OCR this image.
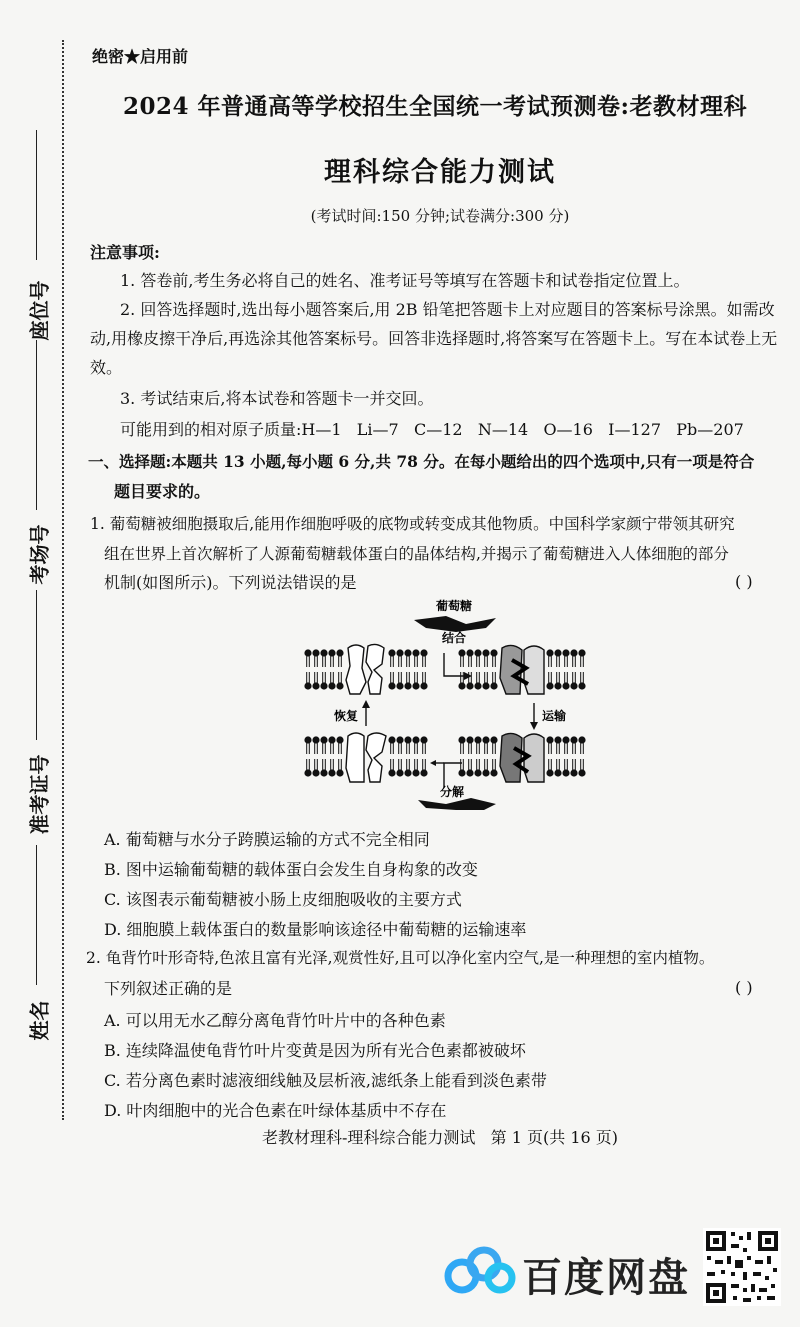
座位号
考场号
准考证号
姓名
绝密★启用前
2024 年普通高等学校招生全国统一考试预测卷:老教材理科
理科综合能力测试
(考试时间:150 分钟;试卷满分:300 分)
注意事项:
1. 答卷前,考生务必将自己的姓名、准考证号等填写在答题卡和试卷指定位置上。
2. 回答选择题时,选出每小题答案后,用 2B 铅笔把答题卡上对应题目的答案标号涂黑。如需改动,用橡皮擦干净后,再选涂其他答案标号。回答非选择题时,将答案写在答题卡上。写在本试卷上无效。
3. 考试结束后,将本试卷和答题卡一并交回。
可能用到的相对原子质量:H—1   Li—7   C—12   N—14   O—16   I—127   Pb—207
一、选择题:本题共 13 小题,每小题 6 分,共 78 分。在每小题给出的四个选项中,只有一项是符合
题目要求的。
1. 葡萄糖被细胞摄取后,能用作细胞呼吸的底物或转变成其他物质。中国科学家颜宁带领其研究
组在世界上首次解析了人源葡萄糖载体蛋白的晶体结构,并揭示了葡萄糖进入人体细胞的部分
机制(如图所示)。下列说法错误的是	( )
葡萄糖
结合
运输
分解
恢复
A. 葡萄糖与水分子跨膜运输的方式不完全相同
B. 图中运输葡萄糖的载体蛋白会发生自身构象的改变
C. 该图表示葡萄糖被小肠上皮细胞吸收的主要方式
D. 细胞膜上载体蛋白的数量影响该途径中葡萄糖的运输速率
2. 龟背竹叶形奇特,色浓且富有光泽,观赏性好,且可以净化室内空气,是一种理想的室内植物。
下列叙述正确的是	( )
A. 可以用无水乙醇分离龟背竹叶片中的各种色素
B. 连续降温使龟背竹叶片变黄是因为所有光合色素都被破坏
C. 若分离色素时滤液细线触及层析液,滤纸条上能看到淡色素带
D. 叶肉细胞中的光合色素在叶绿体基质中不存在
老教材理科-理科综合能力测试   第 1 页(共 16 页)
百度网盘
